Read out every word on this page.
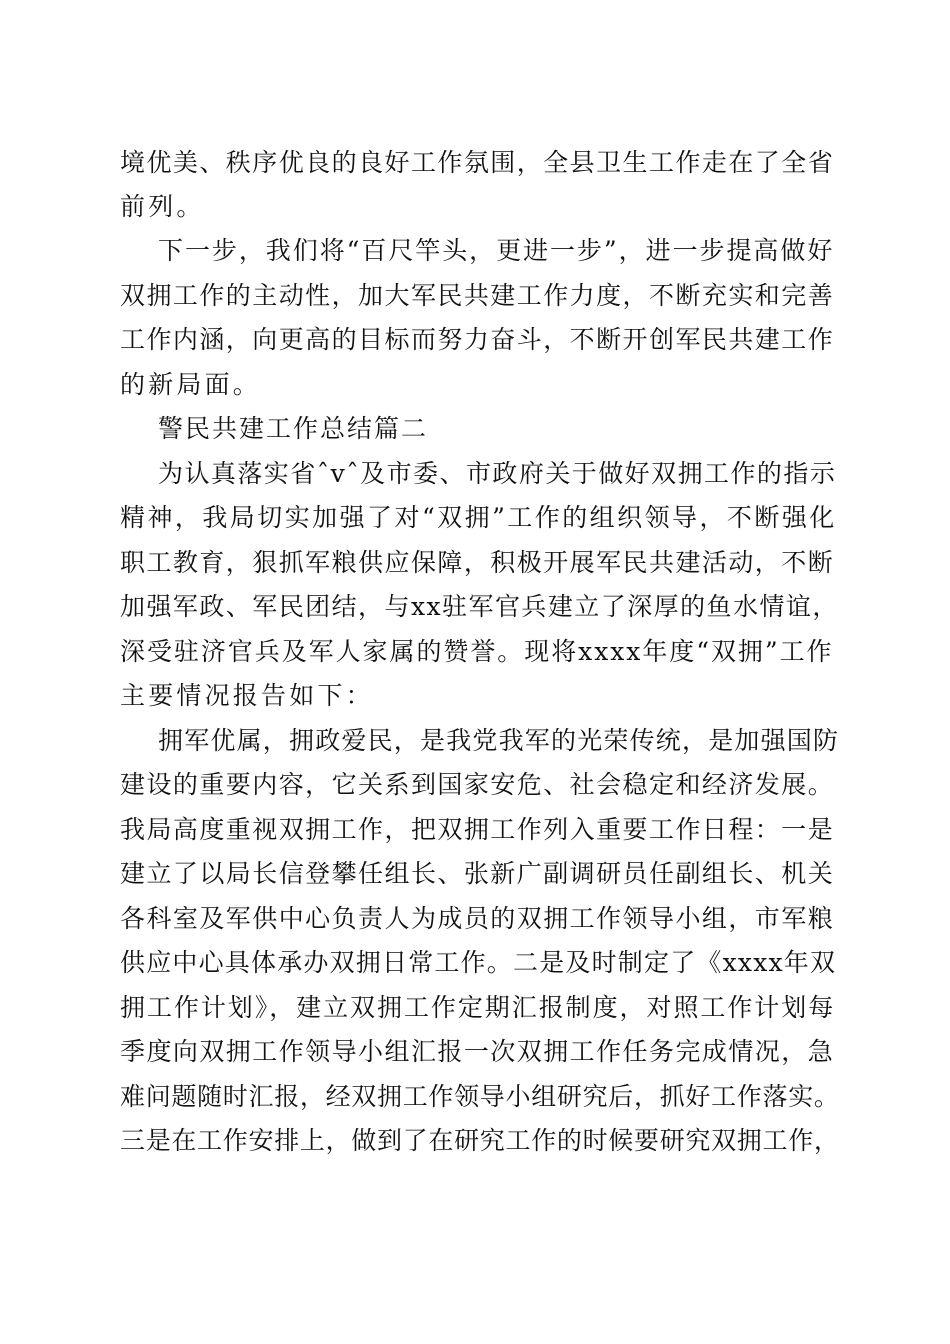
境优美、秩序优良的良好工作氛围，全县卫生工作走在了全省
前列。
下一步，我们将“百尺竿头，更进一步”，进一步提高做好
双拥工作的主动性，加大军民共建工作力度，不断充实和完善
工作内涵，向更高的目标而努力奋斗，不断开创军民共建工作
的新局面。
警民共建工作总结篇二
为认真落实省ˆvˆ及市委、市政府关于做好双拥工作的指示
精神，我局切实加强了对“双拥”工作的组织领导，不断强化
职工教育，狠抓军粮供应保障，积极开展军民共建活动，不断
加强军政、军民团结，与xx驻军官兵建立了深厚的鱼水情谊，
深受驻济官兵及军人家属的赞誉。现将xxxx年度“双拥”工作
主要情况报告如下：
拥军优属，拥政爱民，是我党我军的光荣传统，是加强国防
建设的重要内容，它关系到国家安危、社会稳定和经济发展。
我局高度重视双拥工作，把双拥工作列入重要工作日程：一是
建立了以局长信登攀任组长、张新广副调研员任副组长、机关
各科室及军供中心负责人为成员的双拥工作领导小组，市军粮
供应中心具体承办双拥日常工作。二是及时制定了《xxxx年双
拥工作计划》，建立双拥工作定期汇报制度，对照工作计划每
季度向双拥工作领导小组汇报一次双拥工作任务完成情况，急
难问题随时汇报，经双拥工作领导小组研究后，抓好工作落实。
三是在工作安排上，做到了在研究工作的时候要研究双拥工作，
